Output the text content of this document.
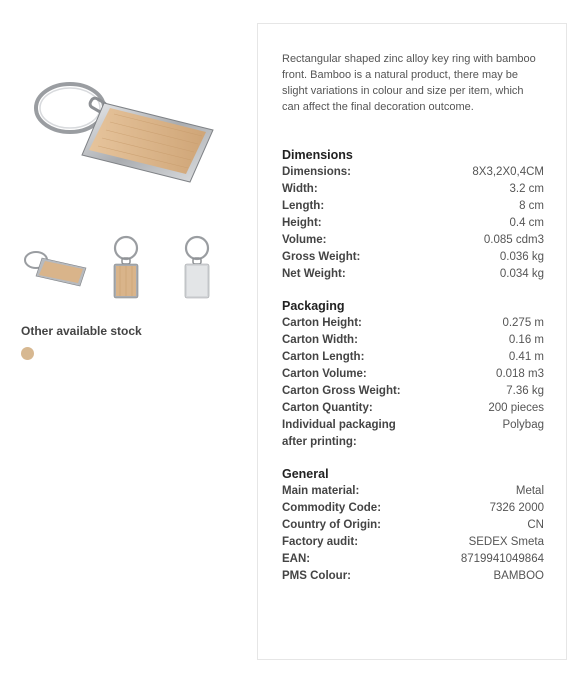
Other available stock
Rectangular shaped zinc alloy key ring with bamboo front. Bamboo is a natural product, there may be slight variations in colour and size per item, which can affect the final decoration outcome.
Dimensions
Dimensions:	8X3,2X0,4CM
Width:	3.2 cm
Length:	8 cm
Height:	0.4 cm
Volume:	0.085 cdm3
Gross Weight:	0.036 kg
Net Weight:	0.034 kg
Packaging
Carton Height:	0.275 m
Carton Width:	0.16 m
Carton Length:	0.41 m
Carton Volume:	0.018 m3
Carton Gross Weight:	7.36 kg
Carton Quantity:	200 pieces
Individual packaging	Polybag
after printing:
General
Main material:	Metal
Commodity Code:	7326 2000
Country of Origin:	CN
Factory audit:	SEDEX Smeta
EAN:	8719941049864
PMS Colour:	BAMBOO
